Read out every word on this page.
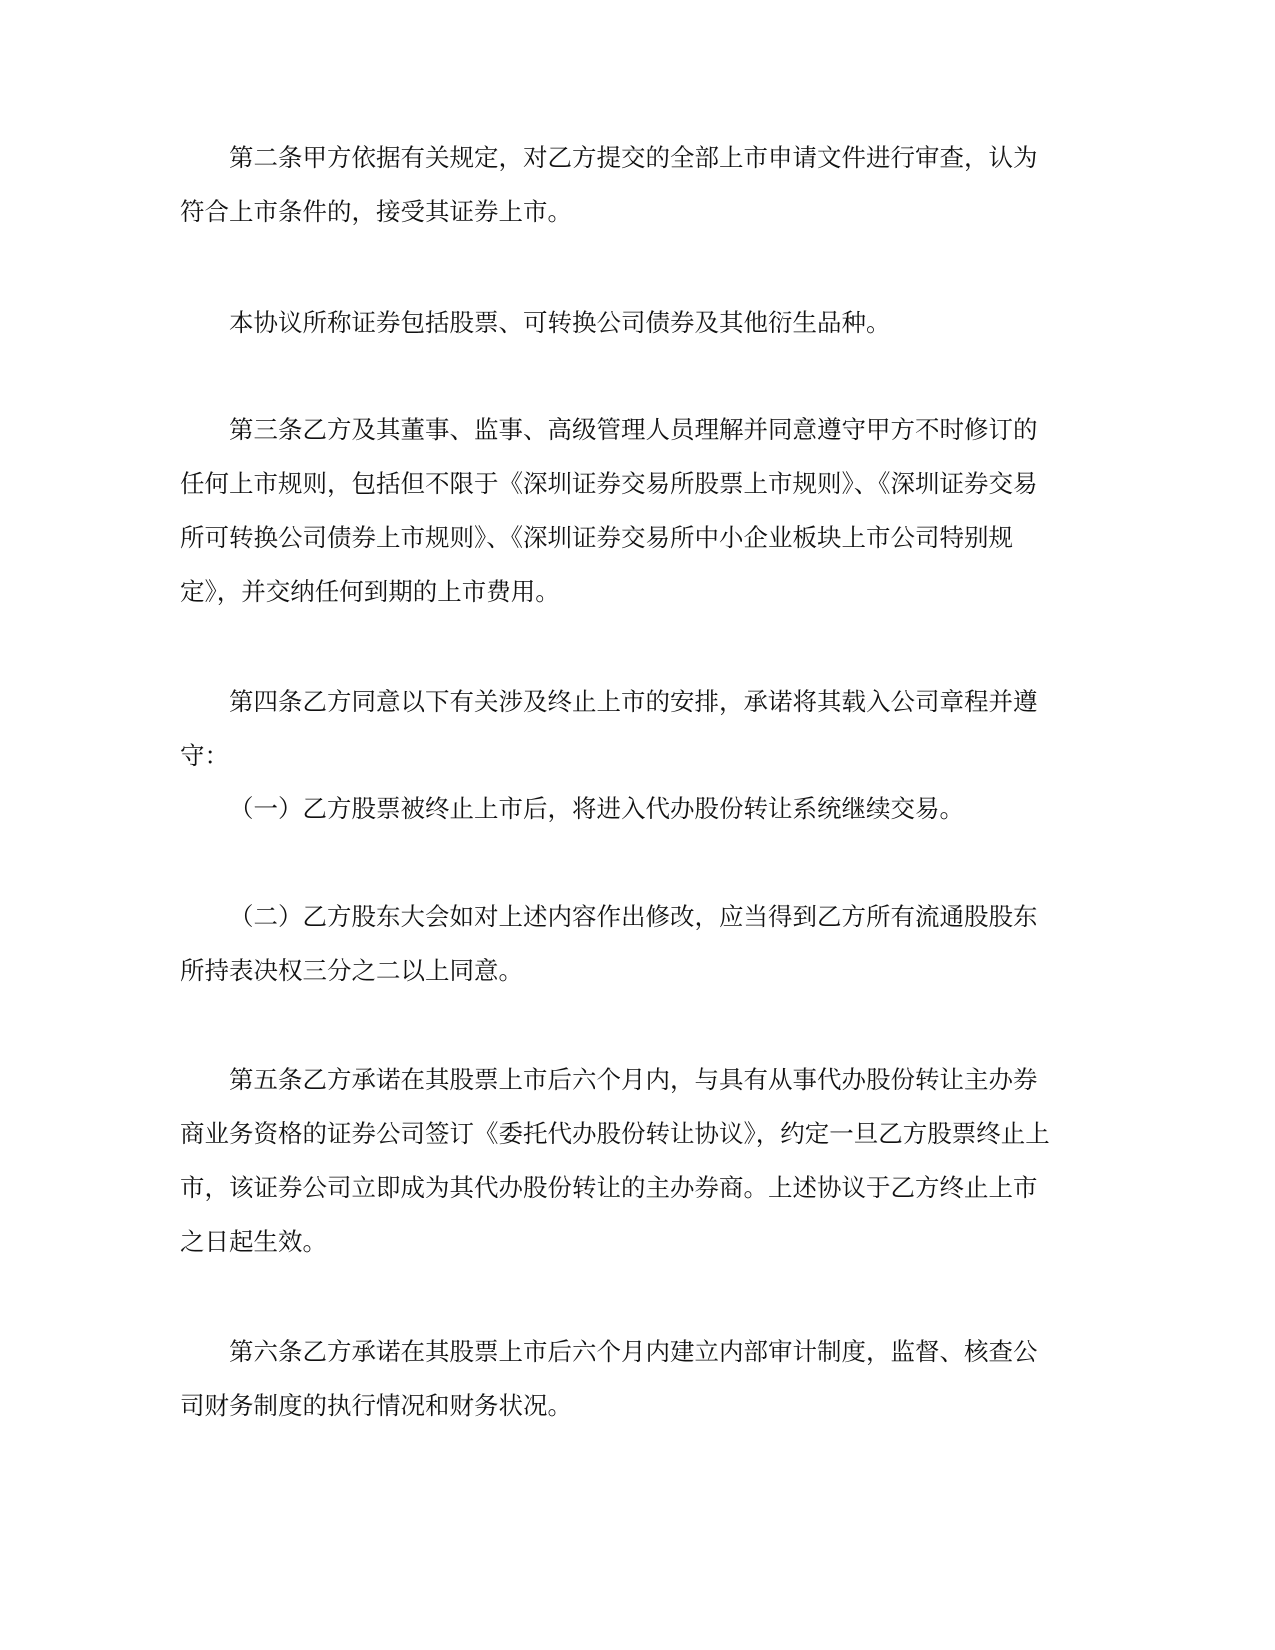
第二条甲方依据有关规定，对乙方提交的全部上市申请文件进行审查，认为符合上市条件的，接受其证券上市。

本协议所称证券包括股票、可转换公司债券及其他衍生品种。

第三条乙方及其董事、监事、高级管理人员理解并同意遵守甲方不时修订的任何上市规则，包括但不限于《深圳证券交易所股票上市规则》、《深圳证券交易所可转换公司债券上市规则》、《深圳证券交易所中小企业板块上市公司特别规定》，并交纳任何到期的上市费用。

第四条乙方同意以下有关涉及终止上市的安排，承诺将其载入公司章程并遵守：

（一）乙方股票被终止上市后，将进入代办股份转让系统继续交易。

（二）乙方股东大会如对上述内容作出修改，应当得到乙方所有流通股股东所持表决权三分之二以上同意。

第五条乙方承诺在其股票上市后六个月内，与具有从事代办股份转让主办券商业务资格的证券公司签订《委托代办股份转让协议》，约定一旦乙方股票终止上市，该证券公司立即成为其代办股份转让的主办券商。上述协议于乙方终止上市之日起生效。

第六条乙方承诺在其股票上市后六个月内建立内部审计制度，监督、核查公司财务制度的执行情况和财务状况。
